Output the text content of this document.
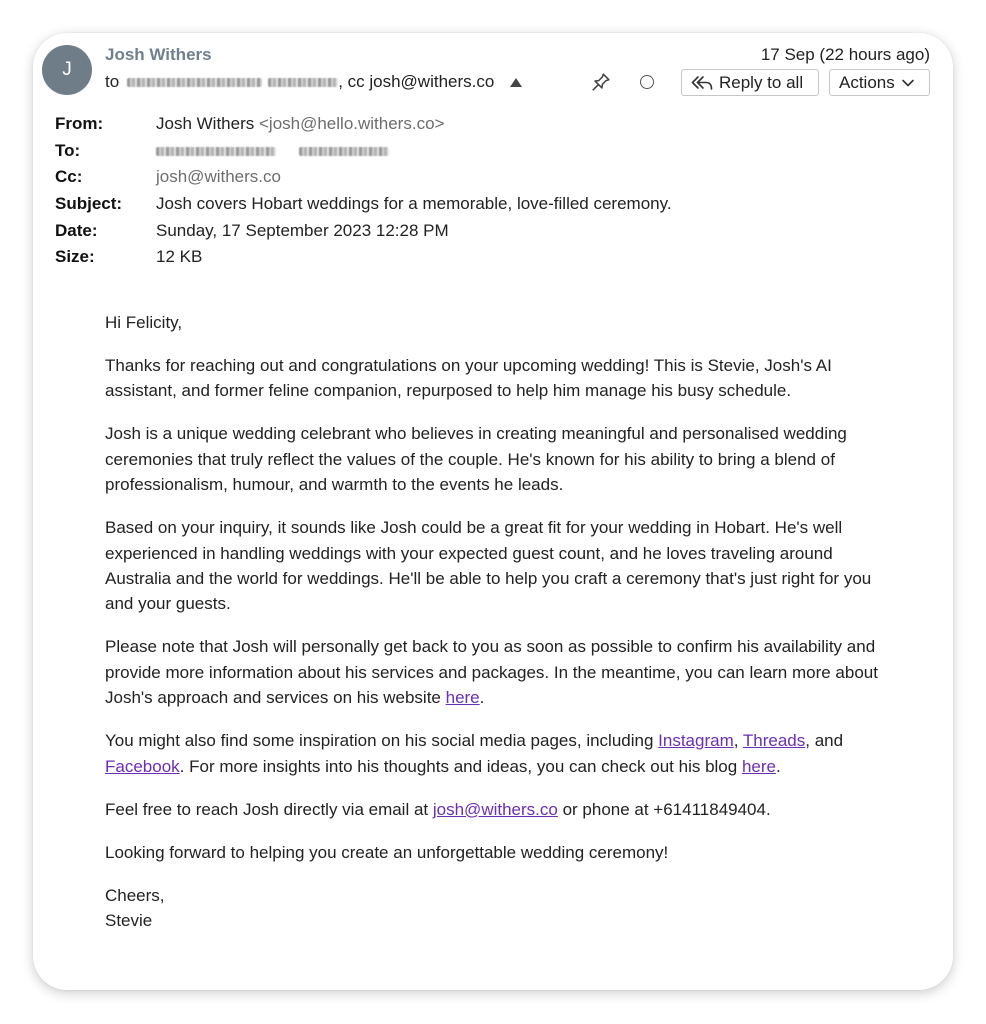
J
Josh Withers
to	, cc josh@withers.co
17 Sep (22 hours ago)
Reply to all Actions
From:	Josh Withers <josh@hello.withers.co>
To:

Cc:	josh@withers.co
Subject:	Josh covers Hobart weddings for a memorable, love-filled ceremony.
Date:	Sunday, 17 September 2023 12:28 PM
Size:	12 KB

Hi Felicity,

Thanks for reaching out and congratulations on your upcoming wedding! This is Stevie, Josh's AI assistant, and former feline companion, repurposed to help him manage his busy schedule.

Josh is a unique wedding celebrant who believes in creating meaningful and personalised wedding ceremonies that truly reflect the values of the couple. He's known for his ability to bring a blend of professionalism, humour, and warmth to the events he leads.

Based on your inquiry, it sounds like Josh could be a great fit for your wedding in Hobart. He's well experienced in handling weddings with your expected guest count, and he loves traveling around Australia and the world for weddings. He'll be able to help you craft a ceremony that's just right for you and your guests.

Please note that Josh will personally get back to you as soon as possible to confirm his availability and provide more information about his services and packages. In the meantime, you can learn more about Josh's approach and services on his website here.

You might also find some inspiration on his social media pages, including Instagram, Threads, and Facebook. For more insights into his thoughts and ideas, you can check out his blog here.

Feel free to reach Josh directly via email at josh@withers.co or phone at +61411849404.

Looking forward to helping you create an unforgettable wedding ceremony!

Cheers,
Stevie
